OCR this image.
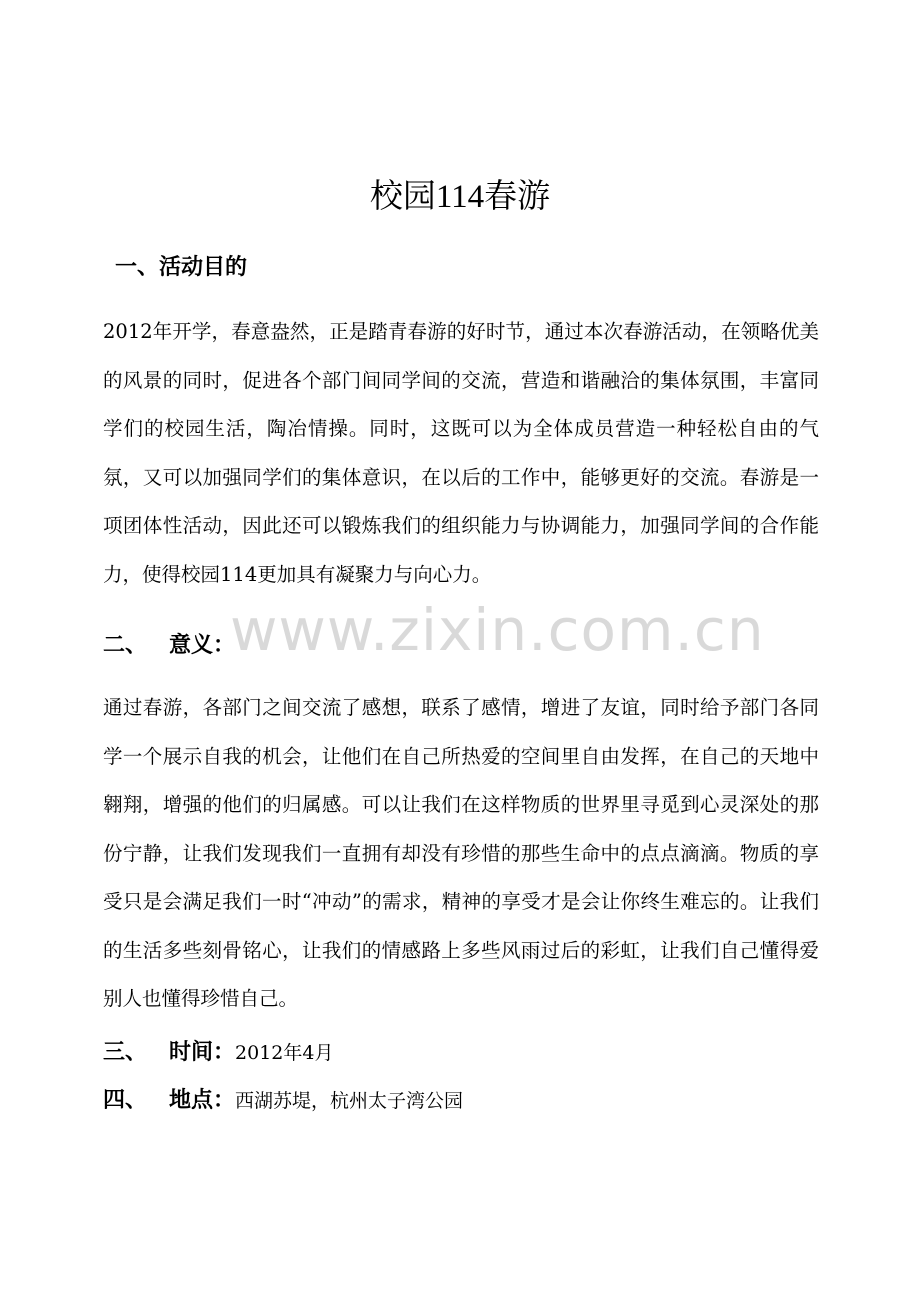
校园114春游
一、活动目的

2012年开学，春意盎然，正是踏青春游的好时节，通过本次春游活动，在领略优美的风景的同时，促进各个部门间同学间的交流，营造和谐融洽的集体氛围，丰富同学们的校园生活，陶冶情操。同时，这既可以为全体成员营造一种轻松自由的气氛，又可以加强同学们的集体意识，在以后的工作中，能够更好的交流。春游是一项团体性活动，因此还可以锻炼我们的组织能力与协调能力，加强同学间的合作能力，使得校园114更加具有凝聚力与向心力。

二、 意义：

通过春游，各部门之间交流了感想，联系了感情，增进了友谊，同时给予部门各同学一个展示自我的机会，让他们在自己所热爱的空间里自由发挥，在自己的天地中翱翔，增强的他们的归属感。可以让我们在这样物质的世界里寻觅到心灵深处的那份宁静，让我们发现我们一直拥有却没有珍惜的那些生命中的点点滴滴。物质的享受只是会满足我们一时“冲动”的需求，精神的享受才是会让你终生难忘的。让我们的生活多些刻骨铭心，让我们的情感路上多些风雨过后的彩虹，让我们自己懂得爱别人也懂得珍惜自己。

三、 时间：2012年4月
四、 地点：西湖苏堤，杭州太子湾公园
www.zixin.com.cn
